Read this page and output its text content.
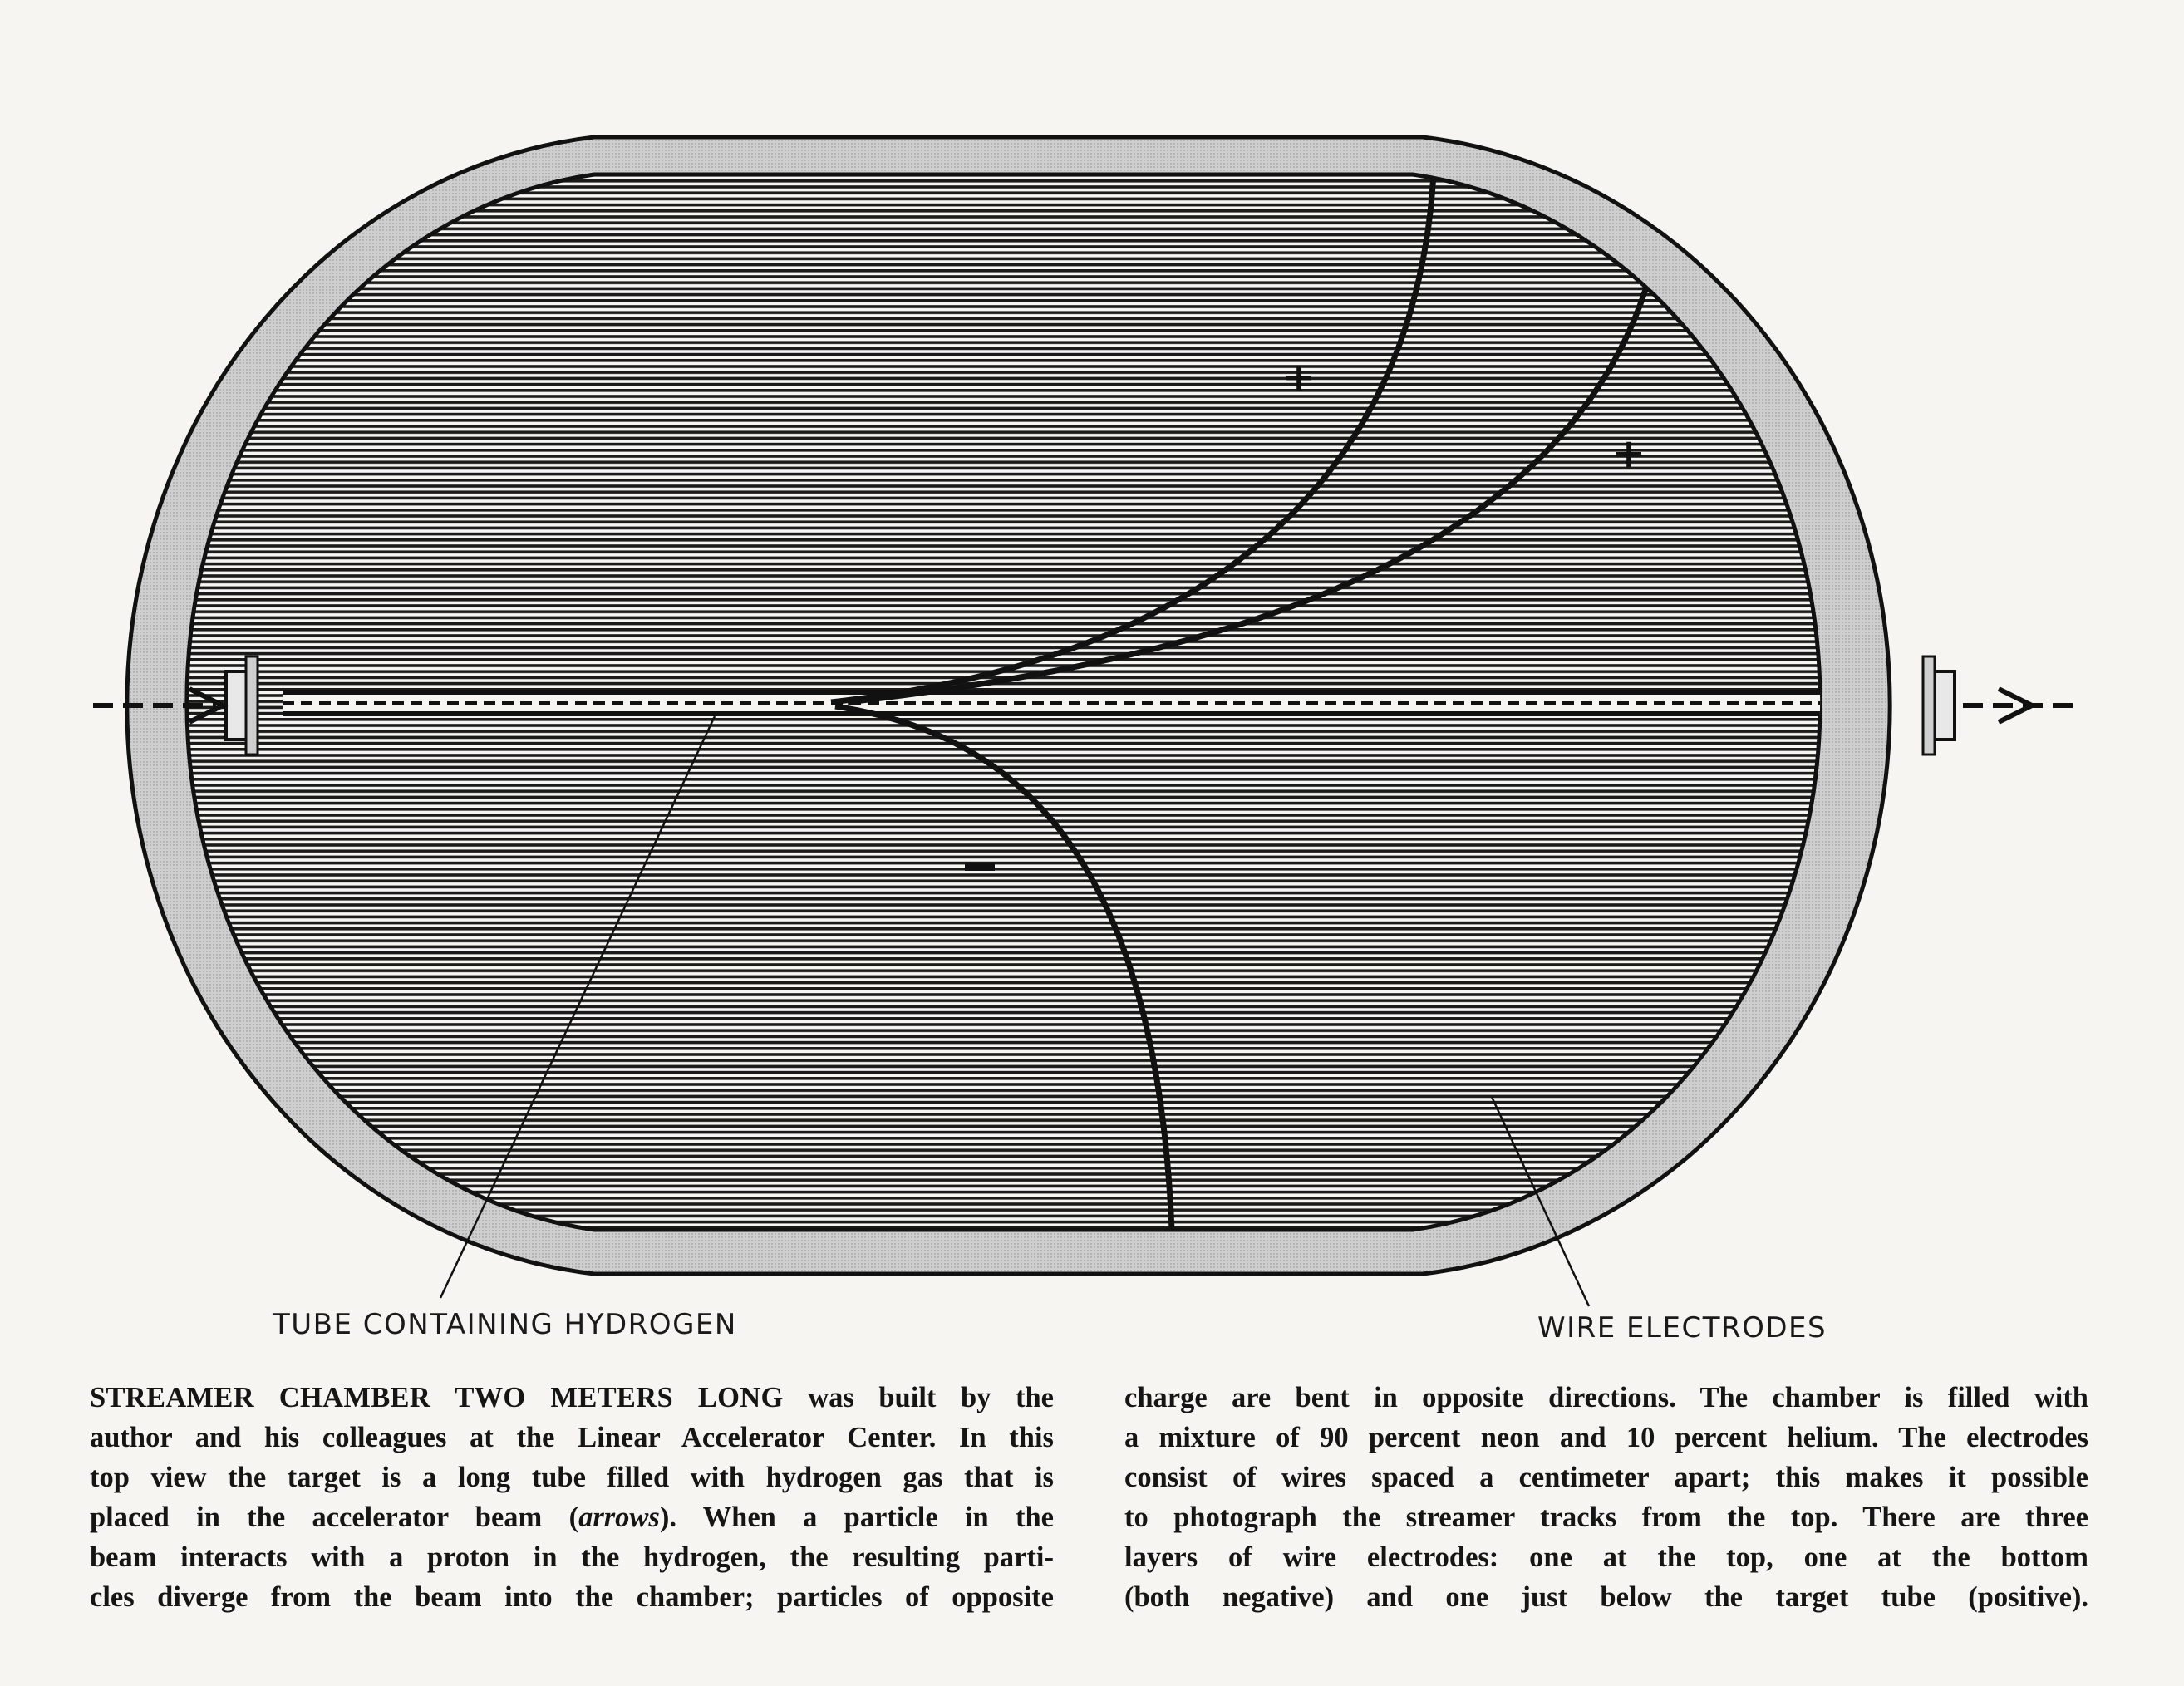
+
+
TUBE CONTAINING HYDROGEN	WIRE ELECTRODES
STREAMER CHAMBER TWO METERS LONG was built by the
author and his colleagues at the Linear Accelerator Center. In this
top view the target is a long tube filled with hydrogen gas that is
placed in the accelerator beam (arrows). When a particle in the
beam interacts with a proton in the hydrogen, the resulting parti-
cles diverge from the beam into the chamber; particles of opposite
charge are bent in opposite directions. The chamber is filled with
a mixture of 90 percent neon and 10 percent helium. The electrodes
consist of wires spaced a centimeter apart; this makes it possible
to photograph the streamer tracks from the top. There are three
layers of wire electrodes: one at the top, one at the bottom
(both negative) and one just below the target tube (positive).
